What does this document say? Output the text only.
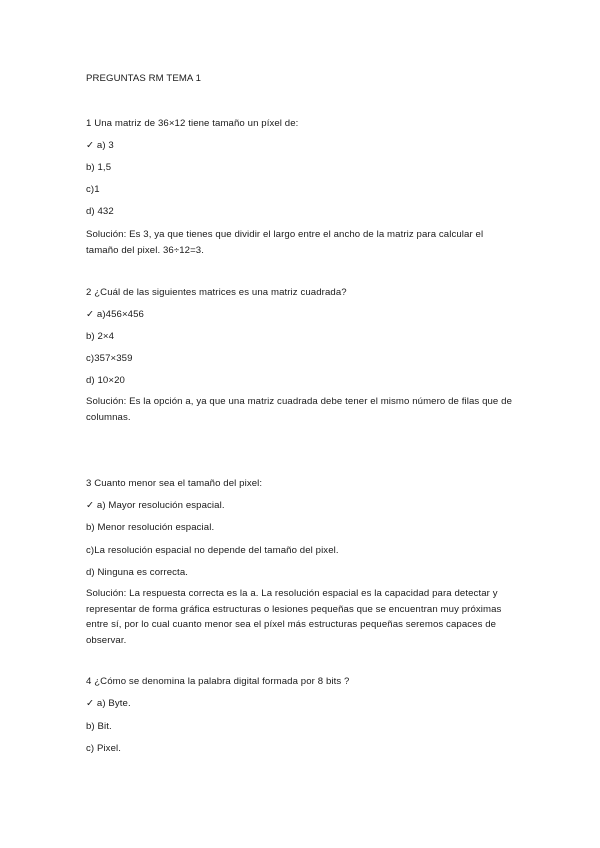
PREGUNTAS RM TEMA 1
1 Una matriz de 36×12 tiene tamaño un píxel de:
✓ a) 3
b) 1,5
c)1
d) 432
Solución: Es 3, ya que tienes que dividir el largo entre el ancho de la matriz para calcular el tamaño del pixel. 36÷12=3.
2 ¿Cuál de las siguientes matrices es una matriz cuadrada?
✓ a)456×456
b) 2×4
c)357×359
d) 10×20
Solución: Es la opción a, ya que una matriz cuadrada debe tener el mismo número de filas que de columnas.
3 Cuanto menor sea el tamaño del pixel:
✓ a) Mayor resolución espacial.
b) Menor resolución espacial.
c)La resolución espacial no depende del tamaño del pixel.
d) Ninguna es correcta.
Solución: La respuesta correcta es la a. La resolución espacial es la capacidad para detectar y representar de forma gráfica estructuras o lesiones pequeñas que se encuentran muy próximas entre sí, por lo cual cuanto menor sea el píxel más estructuras pequeñas seremos capaces de observar.
4 ¿Cómo se denomina la palabra digital formada por 8 bits ?
✓ a) Byte.
b) Bit.
c) Pixel.
